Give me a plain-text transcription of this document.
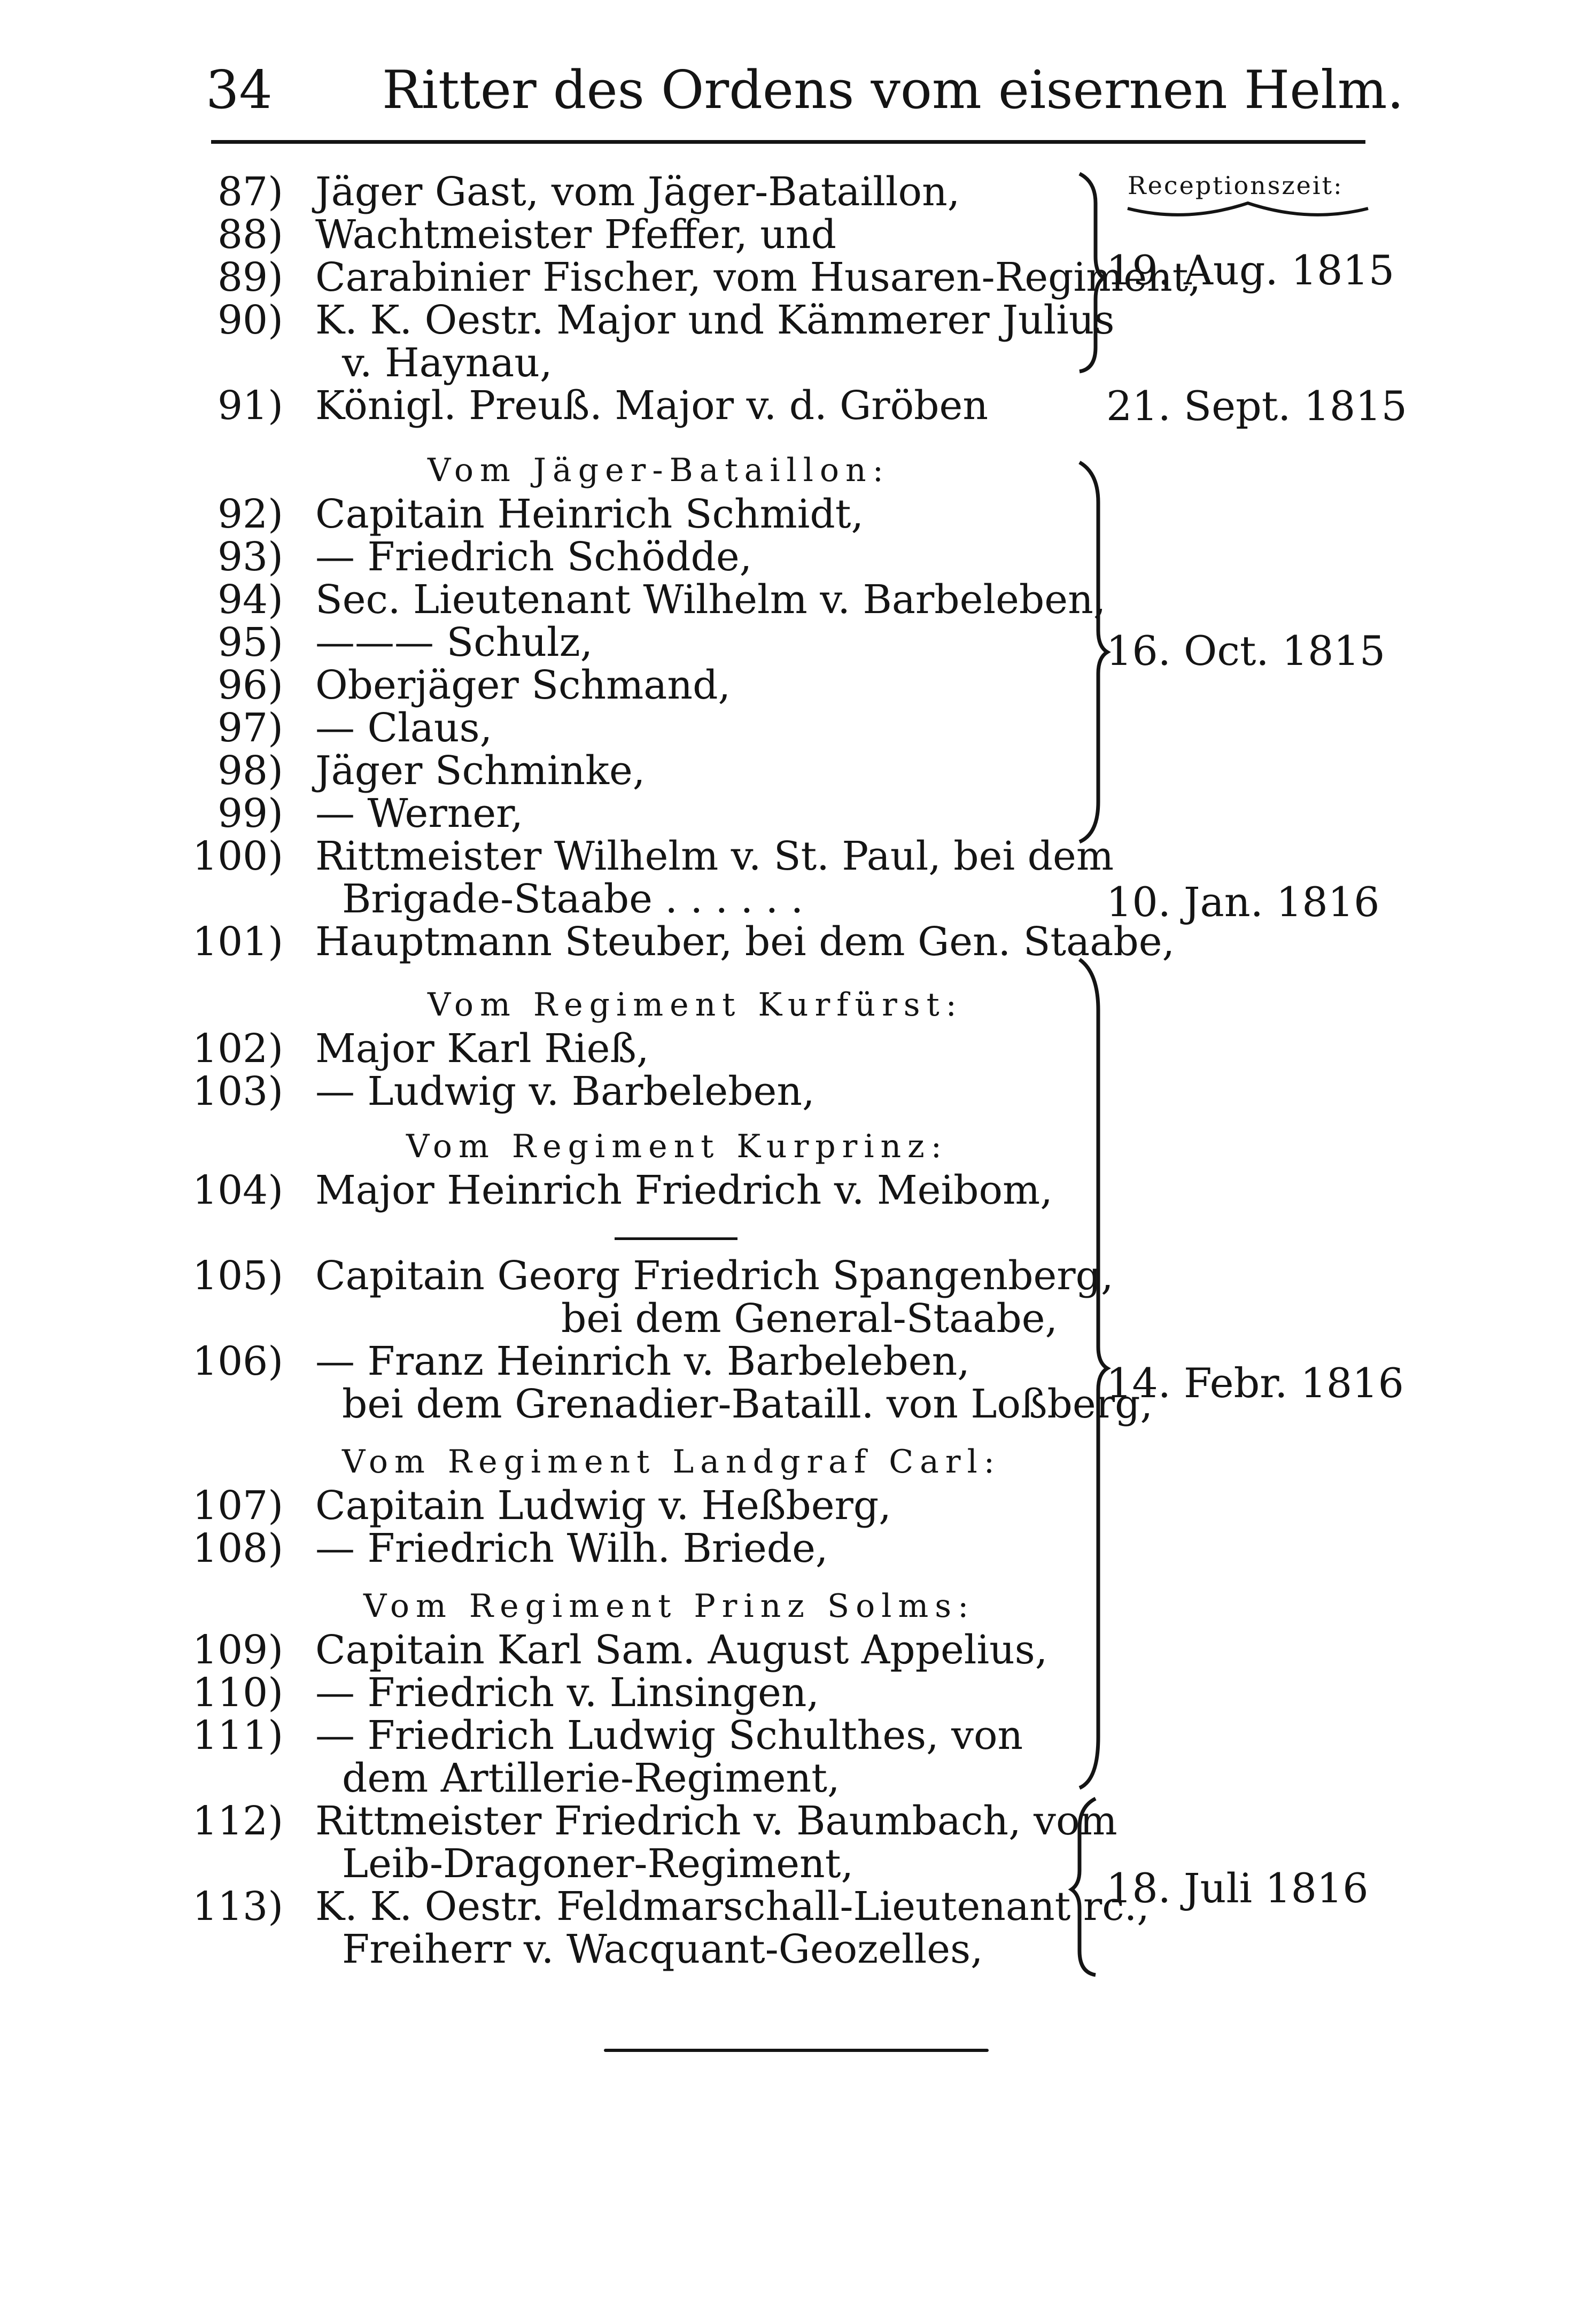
34 Ritter des Ordens vom eisernen Helm.
Receptionszeit:
87) Jäger Gast, vom Jäger-Bataillon,
88) Wachtmeister Pfeffer, und
89) Carabinier Fischer, vom Husaren-Regiment,
90) K. K. Oestr. Major und Kämmerer Julius
v. Haynau,
91) Königl. Preuß. Major v. d. Gröben
19. Aug. 1815
21. Sept. 1815
Vom Jäger-Bataillon:
92) Capitain Heinrich Schmidt,
93) — Friedrich Schödde,
94) Sec. Lieutenant Wilhelm v. Barbeleben,
95) ——— Schulz,
96) Oberjäger Schmand,
97) — Claus,
98) Jäger Schminke,
99) — Werner,
16. Oct. 1815
100) Rittmeister Wilhelm v. St. Paul, bei dem
Brigade-Staabe . . . . . .	10. Jan. 1816
101) Hauptmann Steuber, bei dem Gen. Staabe,
Vom Regiment Kurfürst:
102) Major Karl Rieß,
103) — Ludwig v. Barbeleben,
Vom Regiment Kurprinz:
104) Major Heinrich Friedrich v. Meibom,
105) Capitain Georg Friedrich Spangenberg,
bei dem General-Staabe,
106) — Franz Heinrich v. Barbeleben,
bei dem Grenadier-Bataill. von Loßberg,
Vom Regiment Landgraf Carl:
107) Capitain Ludwig v. Heßberg,
108) — Friedrich Wilh. Briede,
Vom Regiment Prinz Solms:
109) Capitain Karl Sam. August Appelius,
110) — Friedrich v. Linsingen,
111) — Friedrich Ludwig Schulthes, von
dem Artillerie-Regiment,
14. Febr. 1816
112) Rittmeister Friedrich v. Baumbach, vom
Leib-Dragoner-Regiment,
113) K. K. Oestr. Feldmarschall-Lieutenant rc.,
Freiherr v. Wacquant-Geozelles,
18. Juli 1816
